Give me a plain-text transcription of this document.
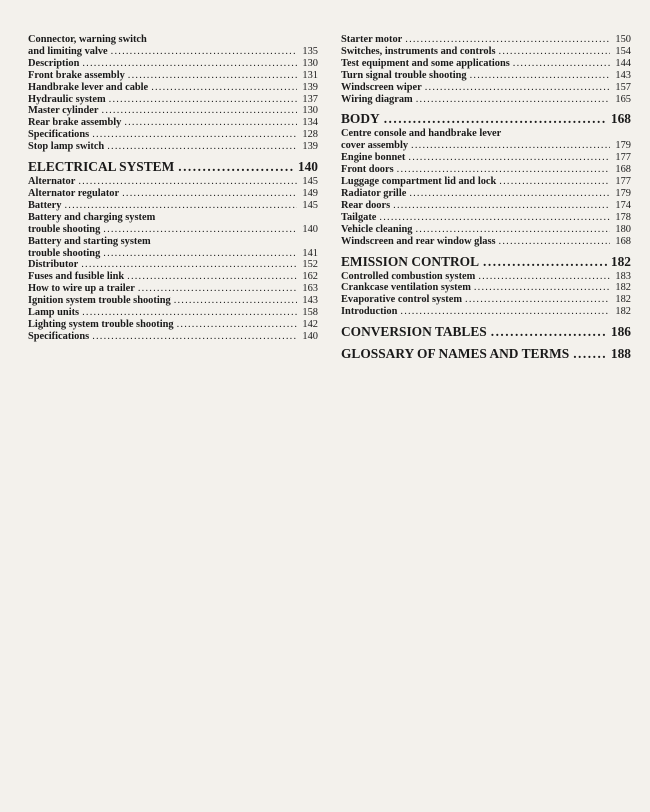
Connector, warning switch
and limiting valve .....	135
Description .....	130
Front brake assembly .....	131
Handbrake lever and cable .....	139
Hydraulic system .....	137
Master cylinder .....	130
Rear brake assembly .....	134
Specifications .....	128
Stop lamp switch .....	139
ELECTRICAL SYSTEM .....	140
Alternator .....	145
Alternator regulator .....	149
Battery .....	145
Battery and charging system
trouble shooting .....	140
Battery and starting system
trouble shooting .....	141
Distributor .....	152
Fuses and fusible link .....	162
How to wire up a trailer .....	163
Ignition system trouble shooting .....	143
Lamp units .....	158
Lighting system trouble shooting .....	142
Specifications .....	140
Starter motor .....	150
Switches, instruments and controls .....	154
Test equipment and some applications .....	144
Turn signal trouble shooting .....	143
Windscreen wiper .....	157
Wiring diagram .....	165
BODY .....	168
Centre console and handbrake lever
cover assembly .....	179
Engine bonnet .....	177
Front doors .....	168
Luggage compartment lid and lock .....	177
Radiator grille .....	179
Rear doors .....	174
Tailgate .....	178
Vehicle cleaning .....	180
Windscreen and rear window glass .....	168
EMISSION CONTROL .....	182
Controlled combustion system .....	183
Crankcase ventilation system .....	182
Evaporative control system .....	182
Introduction .....	182
CONVERSION TABLES .....	186
GLOSSARY OF NAMES AND TERMS .....	188
